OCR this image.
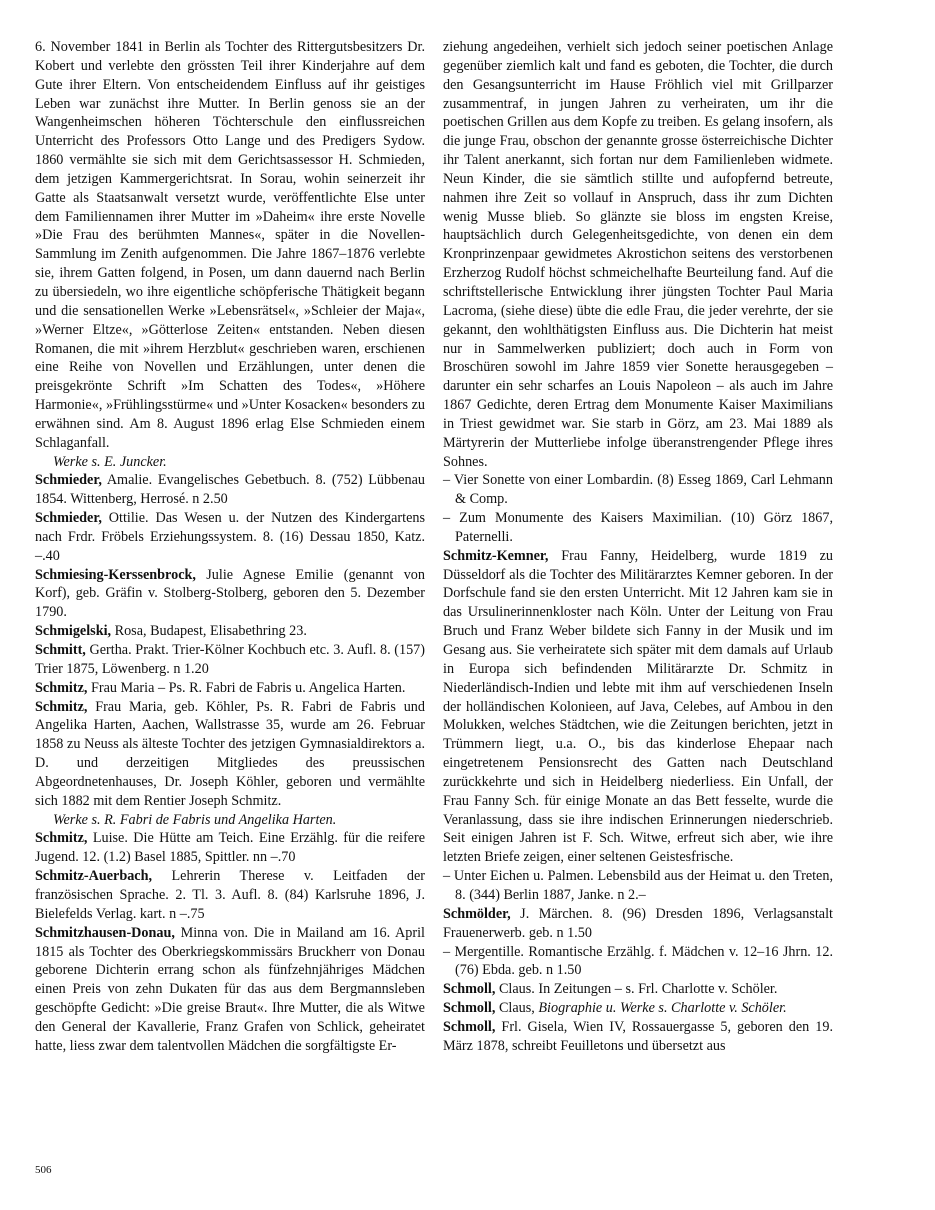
6. November 1841 in Berlin als Tochter des Rittergutsbesitzers Dr. Kobert und verlebte den grössten Teil ihrer Kinderjahre auf dem Gute ihrer Eltern. Von entscheidendem Einfluss auf ihr geistiges Leben war zunächst ihre Mutter. In Berlin genoss sie an der Wangenheimschen höheren Töchterschule den einflussreichen Unterricht des Professors Otto Lange und des Predigers Sydow. 1860 vermählte sie sich mit dem Gerichtsassessor H. Schmieden, dem jetzigen Kammergerichtsrat. In Sorau, wohin seinerzeit ihr Gatte als Staatsanwalt versetzt wurde, veröffentlichte Else unter dem Familiennamen ihrer Mutter im »Daheim« ihre erste Novelle »Die Frau des berühmten Mannes«, später in die Novellen-Sammlung im Zenith aufgenommen. Die Jahre 1867–1876 verlebte sie, ihrem Gatten folgend, in Posen, um dann dauernd nach Berlin zu übersiedeln, wo ihre eigentliche schöpferische Thätigkeit begann und die sensationellen Werke »Lebensrätsel«, »Schleier der Maja«, »Werner Eltze«, »Götterlose Zeiten« entstanden. Neben diesen Romanen, die mit »ihrem Herzblut« geschrieben waren, erschienen eine Reihe von Novellen und Erzählungen, unter denen die preisgekrönte Schrift »Im Schatten des Todes«, »Höhere Harmonie«, »Frühlingsstürme« und »Unter Kosacken« besonders zu erwähnen sind. Am 8. August 1896 erlag Else Schmieden einem Schlaganfall.

Werke s. E. Juncker.

Schmieder, Amalie. Evangelisches Gebetbuch. 8. (752) Lübbenau 1854. Wittenberg, Herrosé. n 2.50

Schmieder, Ottilie. Das Wesen u. der Nutzen des Kindergartens nach Frdr. Fröbels Erziehungssystem. 8. (16) Dessau 1850, Katz. –.40

Schmiesing-Kerssenbrock, Julie Agnese Emilie (genannt von Korf), geb. Gräfin v. Stolberg-Stolberg, geboren den 5. Dezember 1790.

Schmigelski, Rosa, Budapest, Elisabethring 23.

Schmitt, Gertha. Prakt. Trier-Kölner Kochbuch etc. 3. Aufl. 8. (157) Trier 1875, Löwenberg. n 1.20

Schmitz, Frau Maria – Ps. R. Fabri de Fabris u. Angelica Harten.

Schmitz, Frau Maria, geb. Köhler, Ps. R. Fabri de Fabris und Angelika Harten, Aachen, Wallstrasse 35, wurde am 26. Februar 1858 zu Neuss als älteste Tochter des jetzigen Gymnasialdirektors a. D. und derzeitigen Mitgliedes des preussischen Abgeordnetenhauses, Dr. Joseph Köhler, geboren und vermählte sich 1882 mit dem Rentier Joseph Schmitz.

Werke s. R. Fabri de Fabris und Angelika Harten.

Schmitz, Luise. Die Hütte am Teich. Eine Erzählg. für die reifere Jugend. 12. (1.2) Basel 1885, Spittler. nn –.70

Schmitz-Auerbach, Lehrerin Therese v. Leitfaden der französischen Sprache. 2. Tl. 3. Aufl. 8. (84) Karlsruhe 1896, J. Bielefelds Verlag. kart. n –.75

Schmitzhausen-Donau, Minna von. Die in Mailand am 16. April 1815 als Tochter des Oberkriegskommissärs Bruckherr von Donau geborene Dichterin errang schon als fünfzehnjähriges Mädchen einen Preis von zehn Dukaten für das aus dem Bergmannsleben geschöpfte Gedicht: »Die greise Braut«. Ihre Mutter, die als Witwe den General der Kavallerie, Franz Grafen von Schlick, geheiratet hatte, liess zwar dem talentvollen Mädchen die sorgfältigste Er-

ziehung angedeihen, verhielt sich jedoch seiner poetischen Anlage gegenüber ziemlich kalt und fand es geboten, die Tochter, die durch den Gesangsunterricht im Hause Fröhlich viel mit Grillparzer zusammentraf, in jungen Jahren zu verheiraten, um ihr die poetischen Grillen aus dem Kopfe zu treiben. Es gelang insofern, als die junge Frau, obschon der genannte grosse österreichische Dichter ihr Talent anerkannt, sich fortan nur dem Familienleben widmete. Neun Kinder, die sie sämtlich stillte und aufopfernd betreute, nahmen ihre Zeit so vollauf in Anspruch, dass ihr zum Dichten wenig Musse blieb. So glänzte sie bloss im engsten Kreise, hauptsächlich durch Gelegenheitsgedichte, von denen ein dem Kronprinzenpaar gewidmetes Akrostichon seitens des verstorbenen Erzherzog Rudolf höchst schmeichelhafte Beurteilung fand. Auf die schriftstellerische Entwicklung ihrer jüngsten Tochter Paul Maria Lacroma, (siehe diese) übte die edle Frau, die jeder verehrte, der sie gekannt, den wohlthätigsten Einfluss aus. Die Dichterin hat meist nur in Sammelwerken publiziert; doch auch in Form von Broschüren sowohl im Jahre 1859 vier Sonette herausgegeben – darunter ein sehr scharfes an Louis Napoleon – als auch im Jahre 1867 Gedichte, deren Ertrag dem Monumente Kaiser Maximilians in Triest gewidmet war. Sie starb in Görz, am 23. Mai 1889 als Märtyrerin der Mutterliebe infolge überanstrengender Pflege ihres Sohnes.

– Vier Sonette von einer Lombardin. (8) Esseg 1869, Carl Lehmann & Comp.

– Zum Monumente des Kaisers Maximilian. (10) Görz 1867, Paternelli.

Schmitz-Kemner, Frau Fanny, Heidelberg, wurde 1819 zu Düsseldorf als die Tochter des Militärarztes Kemner geboren. In der Dorfschule fand sie den ersten Unterricht. Mit 12 Jahren kam sie in das Ursulinerinnenkloster nach Köln. Unter der Leitung von Frau Bruch und Franz Weber bildete sich Fanny in der Musik und im Gesang aus. Sie verheiratete sich später mit dem damals auf Urlaub in Europa sich befindenden Militärarzte Dr. Schmitz in Niederländisch-Indien und lebte mit ihm auf verschiedenen Inseln der holländischen Kolonieen, auf Java, Celebes, auf Ambou in den Molukken, welches Städtchen, wie die Zeitungen berichten, jetzt in Trümmern liegt, u.a. O., bis das kinderlose Ehepaar nach eingetretenem Pensionsrecht des Gatten nach Deutschland zurückkehrte und sich in Heidelberg niederliess. Ein Unfall, der Frau Fanny Sch. für einige Monate an das Bett fesselte, wurde die Veranlassung, dass sie ihre indischen Erinnerungen niederschrieb. Seit einigen Jahren ist F. Sch. Witwe, erfreut sich aber, wie ihre letzten Briefe zeigen, einer seltenen Geistesfrische.

– Unter Eichen u. Palmen. Lebensbild aus der Heimat u. den Treten, 8. (344) Berlin 1887, Janke. n 2.–

Schmölder, J. Märchen. 8. (96) Dresden 1896, Verlagsanstalt Frauenerwerb. geb. n 1.50

– Mergentille. Romantische Erzählg. f. Mädchen v. 12–16 Jhrn. 12. (76) Ebda. geb. n 1.50

Schmoll, Claus. In Zeitungen – s. Frl. Charlotte v. Schöler.

Schmoll, Claus, Biographie u. Werke s. Charlotte v. Schöler.

Schmoll, Frl. Gisela, Wien IV, Rossauergasse 5, geboren den 19. März 1878, schreibt Feuilletons und übersetzt aus

506
